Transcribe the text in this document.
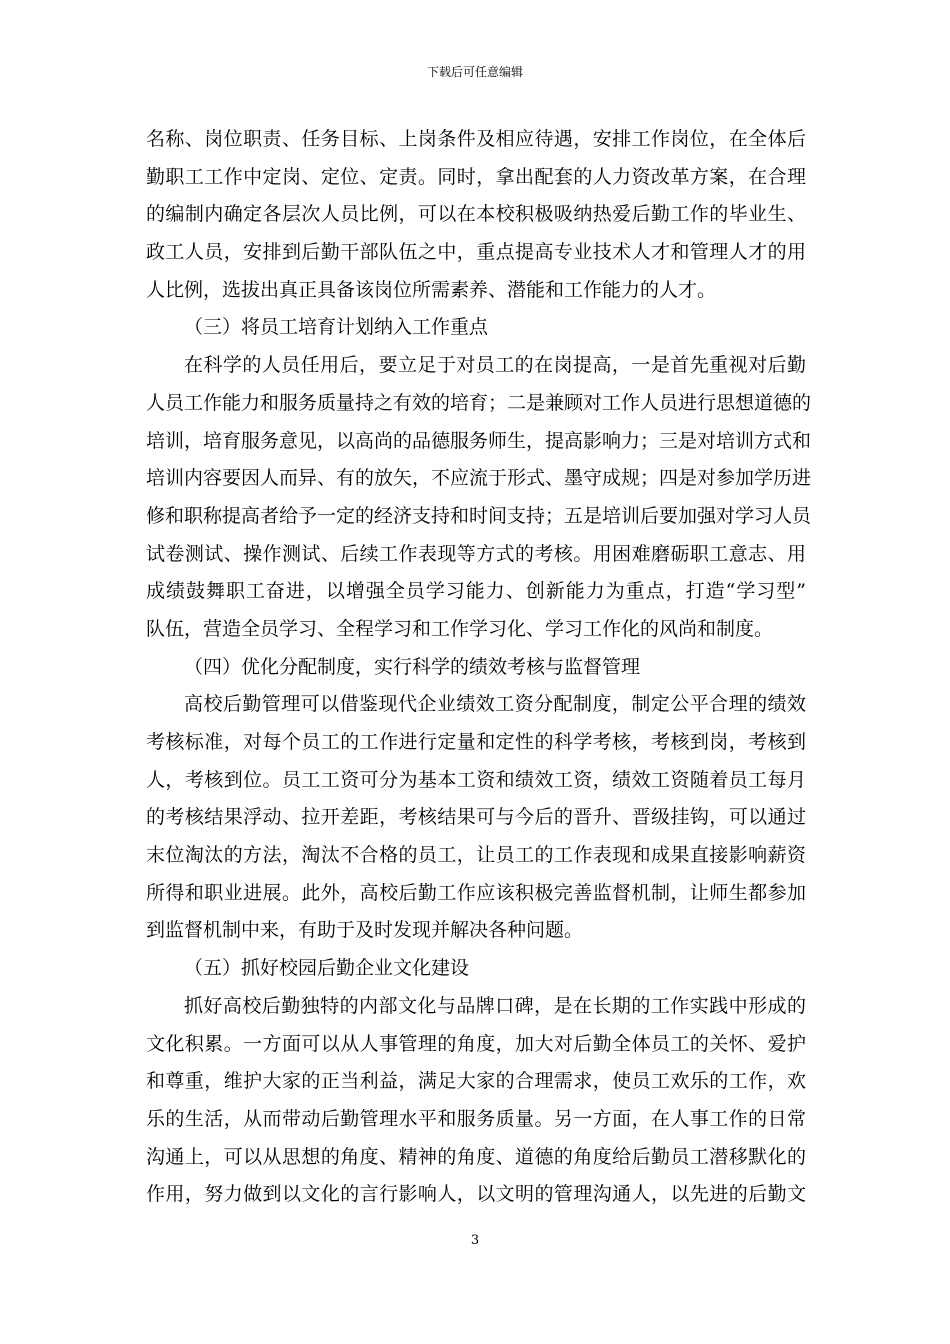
下载后可任意编辑
名称、岗位职责、任务目标、上岗条件及相应待遇，安排工作岗位，在全体后
勤职工工作中定岗、定位、定责。同时，拿出配套的人力资改革方案，在合理
的编制内确定各层次人员比例，可以在本校积极吸纳热爱后勤工作的毕业生、
政工人员，安排到后勤干部队伍之中，重点提高专业技术人才和管理人才的用
人比例，选拔出真正具备该岗位所需素养、潜能和工作能力的人才。
（三）将员工培育计划纳入工作重点
在科学的人员任用后，要立足于对员工的在岗提高，一是首先重视对后勤
人员工作能力和服务质量持之有效的培育；二是兼顾对工作人员进行思想道德的
培训，培育服务意见，以高尚的品德服务师生，提高影响力；三是对培训方式和
培训内容要因人而异、有的放矢，不应流于形式、墨守成规；四是对参加学历进
修和职称提高者给予一定的经济支持和时间支持；五是培训后要加强对学习人员
试卷测试、操作测试、后续工作表现等方式的考核。用困难磨砺职工意志、用
成绩鼓舞职工奋进，以增强全员学习能力、创新能力为重点，打造“学习型”
队伍，营造全员学习、全程学习和工作学习化、学习工作化的风尚和制度。
（四）优化分配制度，实行科学的绩效考核与监督管理
高校后勤管理可以借鉴现代企业绩效工资分配制度，制定公平合理的绩效
考核标准，对每个员工的工作进行定量和定性的科学考核，考核到岗，考核到
人，考核到位。员工工资可分为基本工资和绩效工资，绩效工资随着员工每月
的考核结果浮动、拉开差距，考核结果可与今后的晋升、晋级挂钩，可以通过
末位淘汰的方法，淘汰不合格的员工，让员工的工作表现和成果直接影响薪资
所得和职业进展。此外，高校后勤工作应该积极完善监督机制，让师生都参加
到监督机制中来，有助于及时发现并解决各种问题。
（五）抓好校园后勤企业文化建设
抓好高校后勤独特的内部文化与品牌口碑，是在长期的工作实践中形成的
文化积累。一方面可以从人事管理的角度，加大对后勤全体员工的关怀、爱护
和尊重，维护大家的正当利益，满足大家的合理需求，使员工欢乐的工作，欢
乐的生活，从而带动后勤管理水平和服务质量。另一方面，在人事工作的日常
沟通上，可以从思想的角度、精神的角度、道德的角度给后勤员工潜移默化的
作用，努力做到以文化的言行影响人，以文明的管理沟通人，以先进的后勤文
3
